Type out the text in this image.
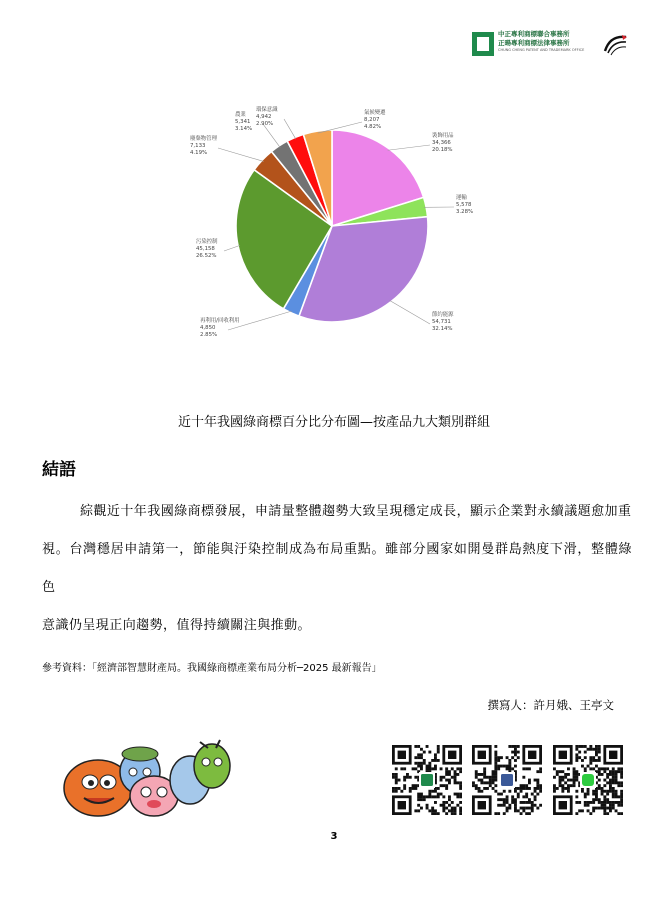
中正專利商標聯合事務所
正暘專利商標法律事務所
CHUNG CHENG PATENT AND TRADEMARK OFFICE
裝飾用品 34,366 20.18%
運輸 5,578 3.28%
節約能源 54,731 32.14%
再利用/回收利用 4,850 2.85%
污染控制 45,158 26.52%
廢棄物管理 7,133 4.19%
農業 5,341 3.14%
環保意識 4,942 2.90%
氣候變遷 8,207 4.82%
近十年我國綠商標百分比分布圖—按產品九大類別群組
結語
綜觀近十年我國綠商標發展，申請量整體趨勢大致呈現穩定成長，顯示企業對永續議題愈加重
視。台灣穩居申請第一，節能與汙染控制成為布局重點。雖部分國家如開曼群島熱度下滑，整體綠色
意識仍呈現正向趨勢，值得持續關注與推動。
參考資料：「經濟部智慧財產局。我國綠商標產業布局分析─2025 最新報告」
撰寫人：許月娥、王亭文
3
